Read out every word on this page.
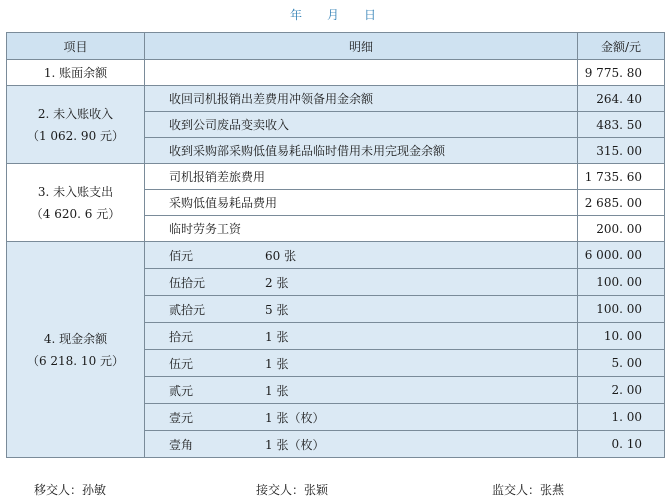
年 月 日
项目	明细	金额/元
1. 账面余额		9 775. 80

2. 未入账收入
（1 062. 90 元）	收回司机报销出差费用冲领备用金余额	264. 40
	收到公司废品变卖收入	483. 50
	收到采购部采购低值易耗品临时借用未用完现金余额	315. 00

3. 未入账支出
（4 620. 6 元）	司机报销差旅费用	1 735. 60
	采购低值易耗品费用	2 685. 00
	临时劳务工资	200. 00

4. 现金余额
（6 218. 10 元）	佰元 60 张	6 000. 00
	伍拾元 2 张	100. 00
	贰拾元 5 张	100. 00
	拾元 1 张	10. 00
	伍元 1 张	5. 00
	贰元 1 张	2. 00
	壹元 1 张（枚）	1. 00
	壹角 1 张（枚）	0. 10
移交人：孙敏	接交人：张颖	监交人：张燕
